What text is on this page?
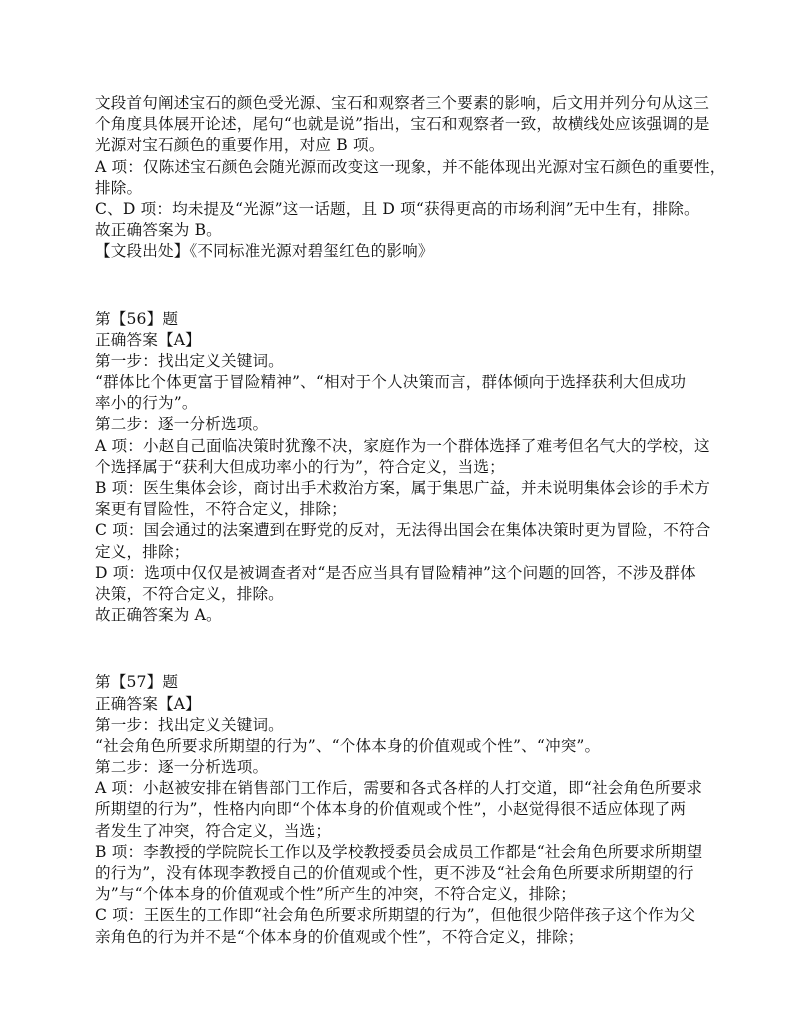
文段首句阐述宝石的颜色受光源、宝石和观察者三个要素的影响，后文用并列分句从这三
个角度具体展开论述，尾句“也就是说”指出，宝石和观察者一致，故横线处应该强调的是
光源对宝石颜色的重要作用，对应 B 项。
A 项：仅陈述宝石颜色会随光源而改变这一现象，并不能体现出光源对宝石颜色的重要性，
排除。
C、D 项：均未提及“光源”这一话题，且 D 项“获得更高的市场利润”无中生有，排除。
故正确答案为 B。
【文段出处】《不同标准光源对碧玺红色的影响》
第【56】题
正确答案【A】
第一步：找出定义关键词。
“群体比个体更富于冒险精神”、“相对于个人决策而言，群体倾向于选择获利大但成功
率小的行为”。
第二步：逐一分析选项。
A 项：小赵自己面临决策时犹豫不决，家庭作为一个群体选择了难考但名气大的学校，这
个选择属于“获利大但成功率小的行为”，符合定义，当选；
B 项：医生集体会诊，商讨出手术救治方案，属于集思广益，并未说明集体会诊的手术方
案更有冒险性，不符合定义，排除；
C 项：国会通过的法案遭到在野党的反对，无法得出国会在集体决策时更为冒险，不符合
定义，排除；
D 项：选项中仅仅是被调查者对“是否应当具有冒险精神”这个问题的回答，不涉及群体
决策，不符合定义，排除。
故正确答案为 A。
第【57】题
正确答案【A】
第一步：找出定义关键词。
“社会角色所要求所期望的行为”、“个体本身的价值观或个性”、“冲突”。
第二步：逐一分析选项。
A 项：小赵被安排在销售部门工作后，需要和各式各样的人打交道，即“社会角色所要求
所期望的行为”，性格内向即“个体本身的价值观或个性”，小赵觉得很不适应体现了两
者发生了冲突，符合定义，当选；
B 项：李教授的学院院长工作以及学校教授委员会成员工作都是“社会角色所要求所期望
的行为”，没有体现李教授自己的价值观或个性，更不涉及“社会角色所要求所期望的行
为”与“个体本身的价值观或个性”所产生的冲突，不符合定义，排除；
C 项：王医生的工作即“社会角色所要求所期望的行为”，但他很少陪伴孩子这个作为父
亲角色的行为并不是“个体本身的价值观或个性”，不符合定义，排除；
